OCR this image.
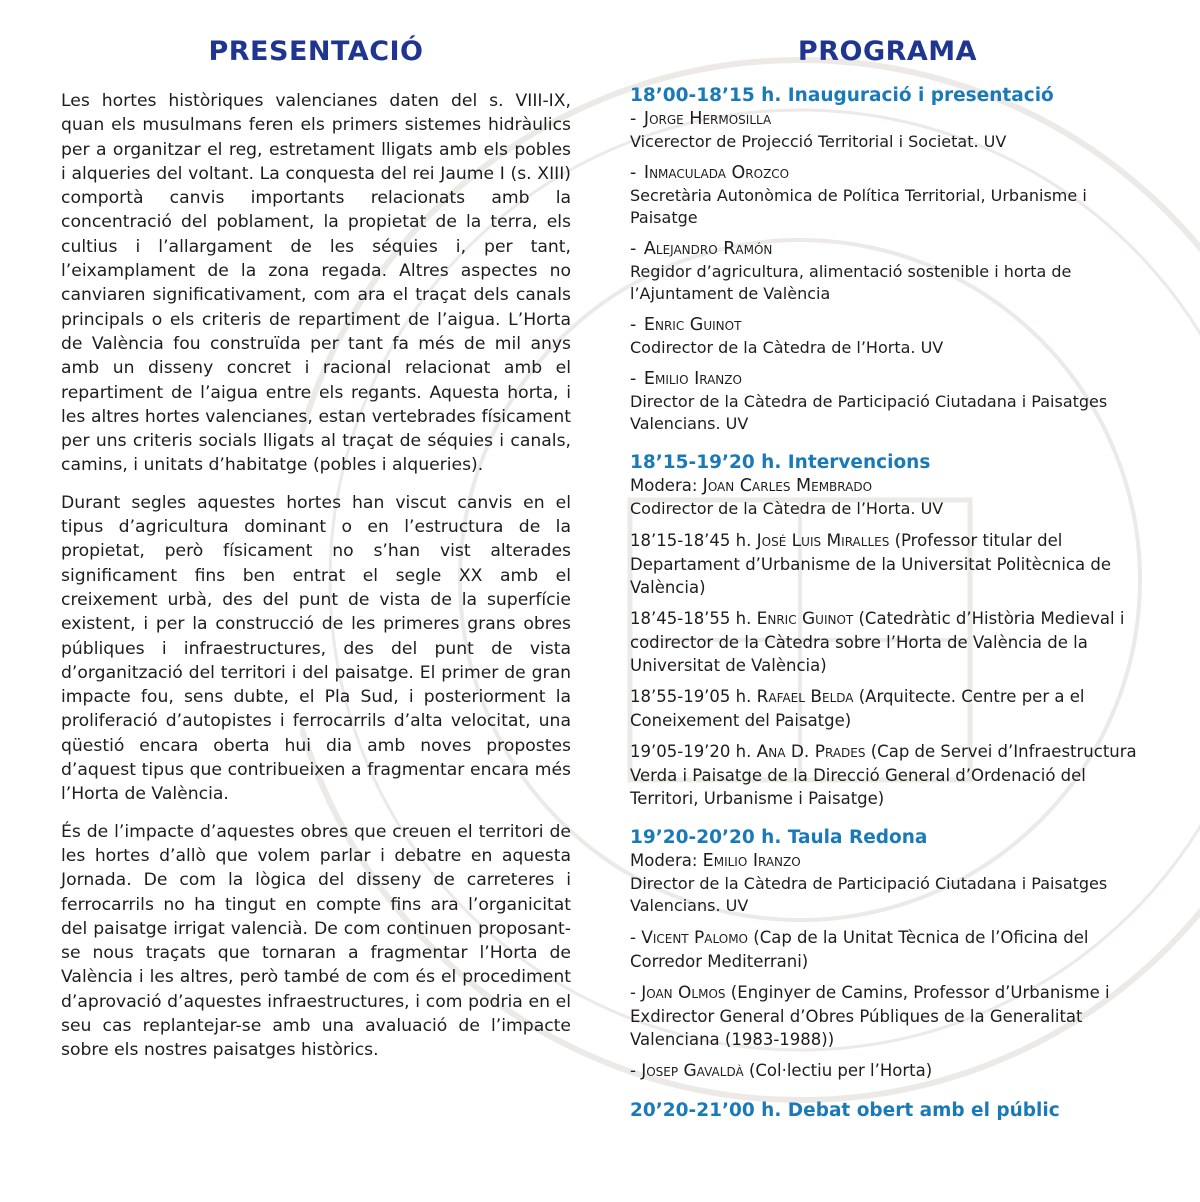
PRESENTACIÓ

Les hortes històriques valencianes daten del s. VIII-IX, quan els musulmans feren els primers sistemes hidràulics per a organitzar el reg, estretament lligats amb els pobles i alqueries del voltant. La conquesta del rei Jaume I (s. XIII) comportà canvis importants relacionats amb la concentració del poblament, la propietat de la terra, els cultius i l’allargament de les séquies i, per tant, l’eixamplament de la zona regada. Altres aspectes no canviaren significativament, com ara el traçat dels canals principals o els criteris de repartiment de l’aigua. L’Horta de València fou construïda per tant fa més de mil anys amb un disseny concret i racional relacionat amb el repartiment de l’aigua entre els regants. Aquesta horta, i les altres hortes valencianes, estan vertebrades físicament per uns criteris socials lligats al traçat de séquies i canals, camins, i unitats d’habitatge (pobles i alqueries).

Durant segles aquestes hortes han viscut canvis en el tipus d’agricultura dominant o en l’estructura de la propietat, però físicament no s’han vist alterades significament fins ben entrat el segle XX amb el creixement urbà, des del punt de vista de la superfície existent, i per la construcció de les primeres grans obres públiques i infraestructures, des del punt de vista d’organització del territori i del paisatge. El primer de gran impacte fou, sens dubte, el Pla Sud, i posteriorment la proliferació d’autopistes i ferrocarrils d’alta velocitat, una qüestió encara oberta hui dia amb noves propostes d’aquest tipus que contribueixen a fragmentar encara més l’Horta de València.

És de l’impacte d’aquestes obres que creuen el territori de les hortes d’allò que volem parlar i debatre en aquesta Jornada. De com la lògica del disseny de carreteres i ferrocarrils no ha tingut en compte fins ara l’organicitat del paisatge irrigat valencià. De com continuen proposant-se nous traçats que tornaran a fragmentar l’Horta de València i les altres, però també de com és el procediment d’aprovació d’aquestes infraestructures, i com podria en el seu cas replantejar-se amb una avaluació de l’impacte sobre els nostres paisatges històrics.

PROGRAMA

18’00-18’15 h. Inauguració i presentació

- Jorge Hermosilla
Vicerector de Projecció Territorial i Societat. UV
- Inmaculada Orozco
Secretària Autonòmica de Política Territorial, Urbanisme i Paisatge
- Alejandro Ramón
Regidor d’agricultura, alimentació sostenible i horta de l’Ajuntament de València
- Enric Guinot
Codirector de la Càtedra de l’Horta. UV
- Emilio Iranzo
Director de la Càtedra de Participació Ciutadana i Paisatges Valencians. UV

18’15-19’20 h. Intervencions

Modera: Joan Carles Membrado
Codirector de la Càtedra de l’Horta. UV

18’15-18’45 h. José Luis Miralles (Professor titular del Departament d’Urbanisme de la Universitat Politècnica de València)

18’45-18’55 h. Enric Guinot (Catedràtic d’Història Medieval i codirector de la Càtedra sobre l’Horta de València de la Universitat de València)

18’55-19’05 h. Rafael Belda (Arquitecte. Centre per a el Coneixement del Paisatge)

19’05-19’20 h. Ana D. Prades (Cap de Servei d’Infraestructura Verda i Paisatge de la Direcció General d’Ordenació del Territori, Urbanisme i Paisatge)

19’20-20’20 h. Taula Redona

Modera: Emilio Iranzo
Director de la Càtedra de Participació Ciutadana i Paisatges Valencians. UV

- Vicent Palomo (Cap de la Unitat Tècnica de l’Oficina del Corredor Mediterrani)

- Joan Olmos (Enginyer de Camins, Professor d’Urbanisme i Exdirector General d’Obres Públiques de la Generalitat Valenciana (1983-1988))

- Josep Gavaldà (Col·lectiu per l’Horta)

20’20-21’00 h. Debat obert amb el públic
